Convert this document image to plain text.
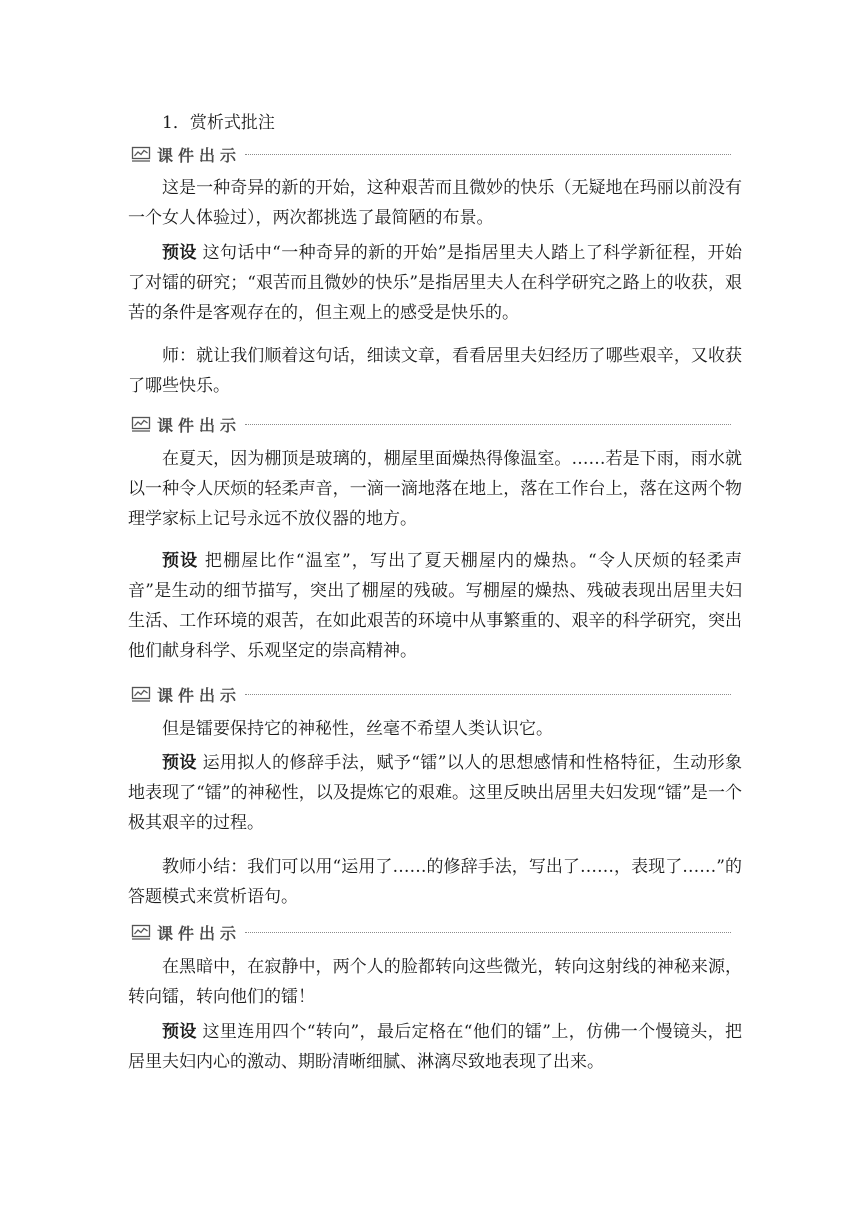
1．赏析式批注

课件出示

这是一种奇异的新的开始，这种艰苦而且微妙的快乐（无疑地在玛丽以前没有一个女人体验过），两次都挑选了最简陋的布景。

预设 这句话中“一种奇异的新的开始”是指居里夫人踏上了科学新征程，开始了对镭的研究；“艰苦而且微妙的快乐”是指居里夫人在科学研究之路上的收获，艰苦的条件是客观存在的，但主观上的感受是快乐的。

师：就让我们顺着这句话，细读文章，看看居里夫妇经历了哪些艰辛，又收获了哪些快乐。

课件出示

在夏天，因为棚顶是玻璃的，棚屋里面燥热得像温室。……若是下雨，雨水就以一种令人厌烦的轻柔声音，一滴一滴地落在地上，落在工作台上，落在这两个物理学家标上记号永远不放仪器的地方。

预设 把棚屋比作“温室”，写出了夏天棚屋内的燥热。“令人厌烦的轻柔声音”是生动的细节描写，突出了棚屋的残破。写棚屋的燥热、残破表现出居里夫妇生活、工作环境的艰苦，在如此艰苦的环境中从事繁重的、艰辛的科学研究，突出他们献身科学、乐观坚定的崇高精神。

课件出示

但是镭要保持它的神秘性，丝毫不希望人类认识它。

预设 运用拟人的修辞手法，赋予“镭”以人的思想感情和性格特征，生动形象地表现了“镭”的神秘性，以及提炼它的艰难。这里反映出居里夫妇发现“镭”是一个极其艰辛的过程。

教师小结：我们可以用“运用了……的修辞手法，写出了……，表现了……”的答题模式来赏析语句。

课件出示

在黑暗中，在寂静中，两个人的脸都转向这些微光，转向这射线的神秘来源，转向镭，转向他们的镭！

预设 这里连用四个“转向”，最后定格在“他们的镭”上，仿佛一个慢镜头，把居里夫妇内心的激动、期盼清晰细腻、淋漓尽致地表现了出来。
